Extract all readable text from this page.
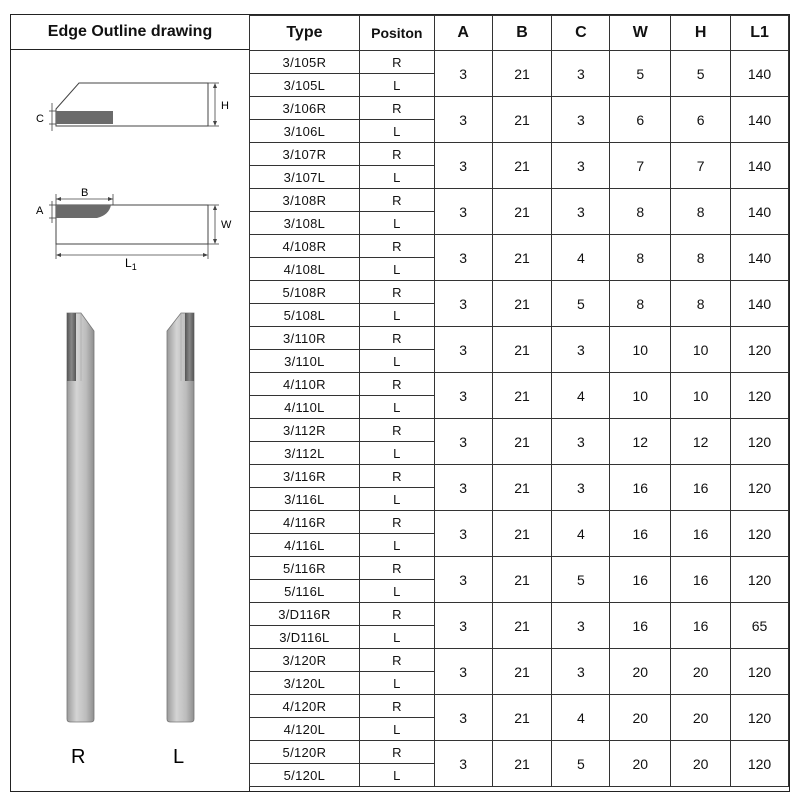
Edge Outline drawing
H
C
B
A
W
$L_1$
R	L
Type	Positon	A	B	C	W	H	L1
3/105R	R	3	21	3	5	5	140
3/105L	L						
3/106R	R	3	21	3	6	6	140
3/106L	L						
3/107R	R	3	21	3	7	7	140
3/107L	L						
3/108R	R	3	21	3	8	8	140
3/108L	L						
4/108R	R	3	21	4	8	8	140
4/108L	L						
5/108R	R	3	21	5	8	8	140
5/108L	L						
3/110R	R	3	21	3	10	10	120
3/110L	L						
4/110R	R	3	21	4	10	10	120
4/110L	L						
3/112R	R	3	21	3	12	12	120
3/112L	L						
3/116R	R	3	21	3	16	16	120
3/116L	L						
4/116R	R	3	21	4	16	16	120
4/116L	L						
5/116R	R	3	21	5	16	16	120
5/116L	L						
3/D116R	R	3	21	3	16	16	65
3/D116L	L						
3/120R	R	3	21	3	20	20	120
3/120L	L						
4/120R	R	3	21	4	20	20	120
4/120L	L						
5/120R	R	3	21	5	20	20	120
5/120L	L						
